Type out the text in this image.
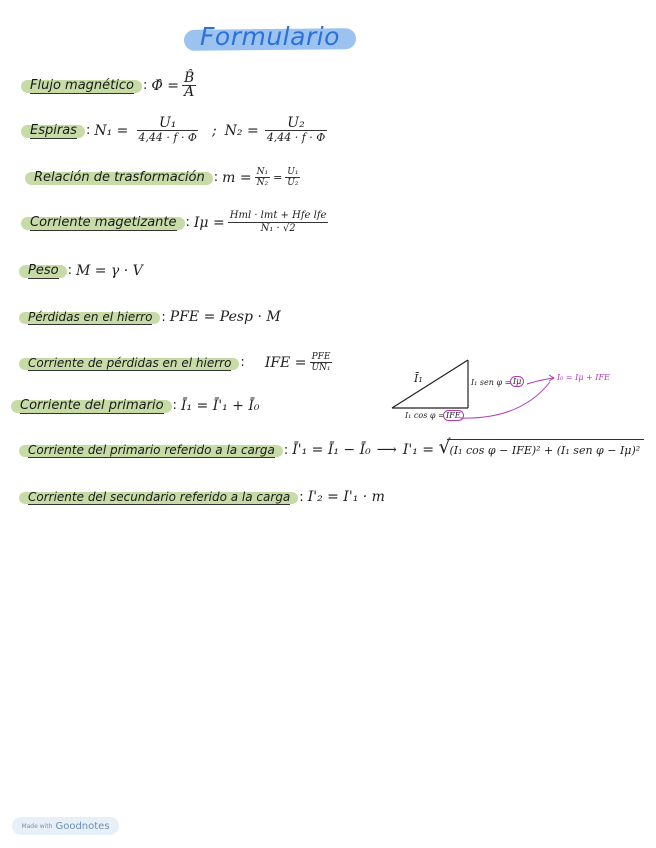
Formulario
Flujo magnético : Φ̂ = $\frac{B̂}{A}$
Espiras : N₁ =	U₁
4,44 · f · Φ ; N₂ =	U₂
4,44 · f · Φ
Relación de trasformación : $m = \frac{\text{N₁}}{\text{N₂}} = \frac{\text{U₁}}{\text{U₂}}$
Corriente magetizante : Iμ = Hml · lmt + Hfe lfe
N₁ · √2
Peso : M = γ · V
Pérdidas en el hierro : PFE = Pesp · M
Corriente de pérdidas en el hierro : IFE = PFE
UN₁
Corriente del primario : Ī₁ = Ī'₁ + Ī₀
Corriente del primario referido a la carga : Ī'₁ = Ī₁ − Ī₀ ⟶ I'₁ = √
(I₁ cos φ − IFE)² + (I₁ sen φ − Iμ)²
Corriente del secundario referido a la carga : I'₂ = I'₁ · m
Ī₁	I₁ sen φ = Iμ
I₁ cos φ = IFE
I₀ = Iμ + IFE
Made with Goodnotes
